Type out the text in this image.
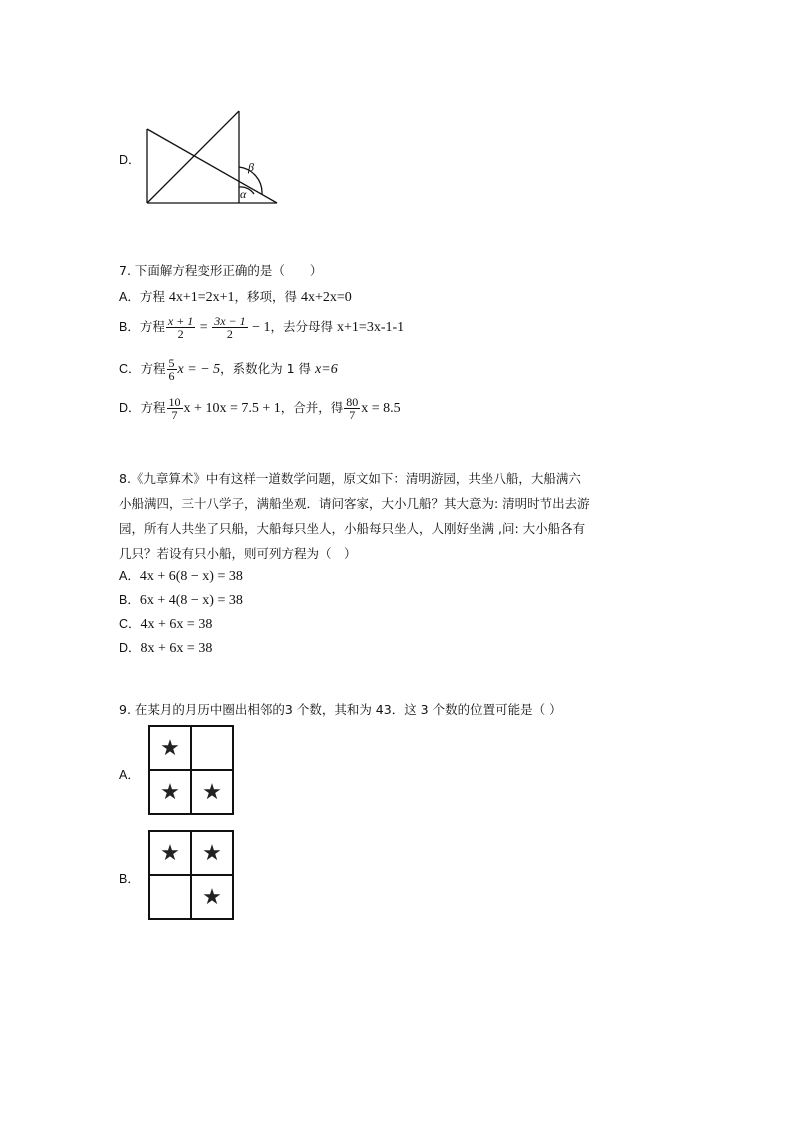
D．
α
β
7. 下面解方程变形正确的是（　　）
A．方程 4x+1=2x+1，移项，得 4x+2x=0
B．方程 $\frac{x + 1}{2} = \frac{3x - 1}{2} - 1$，去分母得 x+1=3x-1-1
C．方程 $\frac{5}{6}$ x = − 5，系数化为 1 得 x=6
D．方程 $\frac{10}{7}$ x + 10x = 7.5 + 1，合并，得 $\frac{80}{7}$ x = 8.5
8.《九章算术》中有这样一道数学问题，原文如下：清明游园，共坐八船，大船满六
小船满四，三十八学子，满船坐观．请问客家，大小几船？其大意为: 清明时节出去游
园，所有人共坐了只船，大船每只坐人，小船每只坐人，人刚好坐满 ,问: 大小船各有
几只？若设有只小船，则可列方程为（　）
A．4x + 6(8 − x) = 38
B．6x + 4(8 − x) = 38
C．4x + 6x = 38
D．8x + 6x = 38
9. 在某月的月历中圈出相邻的3 个数，其和为 43．这 3 个数的位置可能是（ ）
A．
★
★	★
B．
★	★
★
